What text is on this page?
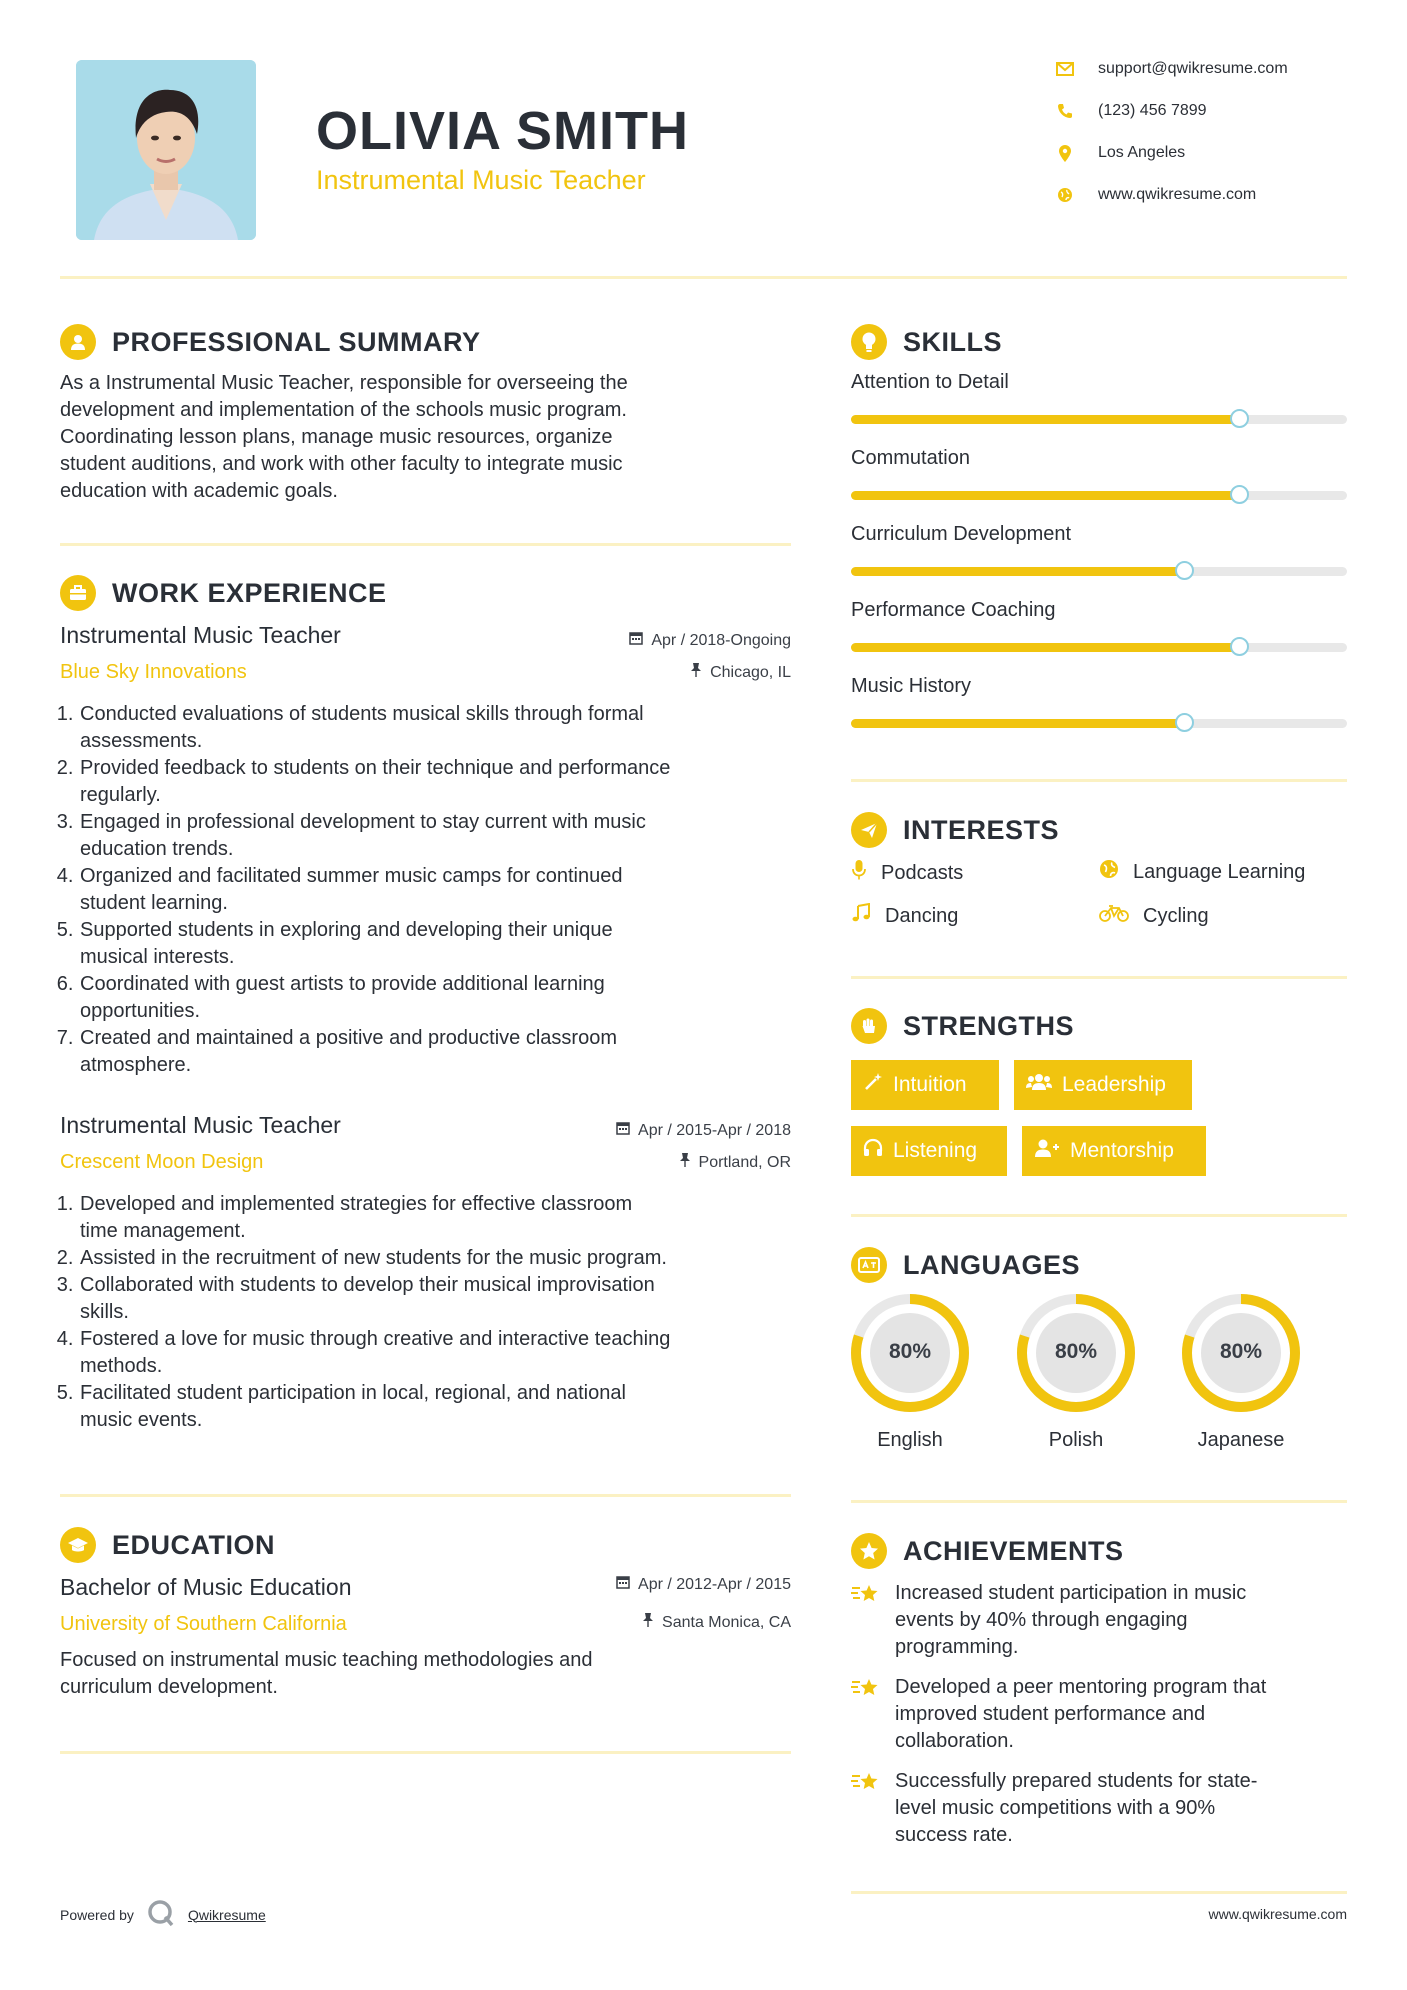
OLIVIA SMITH
Instrumental Music Teacher
support@qwikresume.com
(123) 456 7899
Los Angeles
www.qwikresume.com
PROFESSIONAL SUMMARY
As a Instrumental Music Teacher, responsible for overseeing the
development and implementation of the schools music program.
Coordinating lesson plans, manage music resources, organize
student auditions, and work with other faculty to integrate music
education with academic goals.
WORK EXPERIENCE
Instrumental Music Teacher
Blue Sky Innovations
Apr / 2018-Ongoing
Chicago, IL
1. Conducted evaluations of students musical skills through formal
assessments.
2. Provided feedback to students on their technique and performance
regularly.
3. Engaged in professional development to stay current with music
education trends.
4. Organized and facilitated summer music camps for continued
student learning.
5. Supported students in exploring and developing their unique
musical interests.
6. Coordinated with guest artists to provide additional learning
opportunities.
7. Created and maintained a positive and productive classroom
atmosphere.
Instrumental Music Teacher
Crescent Moon Design
Apr / 2015-Apr / 2018
Portland, OR
1. Developed and implemented strategies for effective classroom
time management.
2. Assisted in the recruitment of new students for the music program.
3. Collaborated with students to develop their musical improvisation
skills.
4. Fostered a love for music through creative and interactive teaching
methods.
5. Facilitated student participation in local, regional, and national
music events.
EDUCATION
Bachelor of Music Education
University of Southern California
Apr / 2012-Apr / 2015
Santa Monica, CA
Focused on instrumental music teaching methodologies and
curriculum development.
SKILLS
Attention to Detail
Commutation
Curriculum Development
Performance Coaching
Music History
INTERESTS
Podcasts	Language Learning
Dancing	Cycling
STRENGTHS
Intuition	Leadership
Listening	Mentorship
LANGUAGES
80%
English
80%
Polish
80%
Japanese
ACHIEVEMENTS
Increased student participation in music
events by 40% through engaging
programming.
Developed a peer mentoring program that
improved student performance and
collaboration.
Successfully prepared students for state-
level music competitions with a 90%
success rate.
Powered by	Qwikresume	www.qwikresume.com
